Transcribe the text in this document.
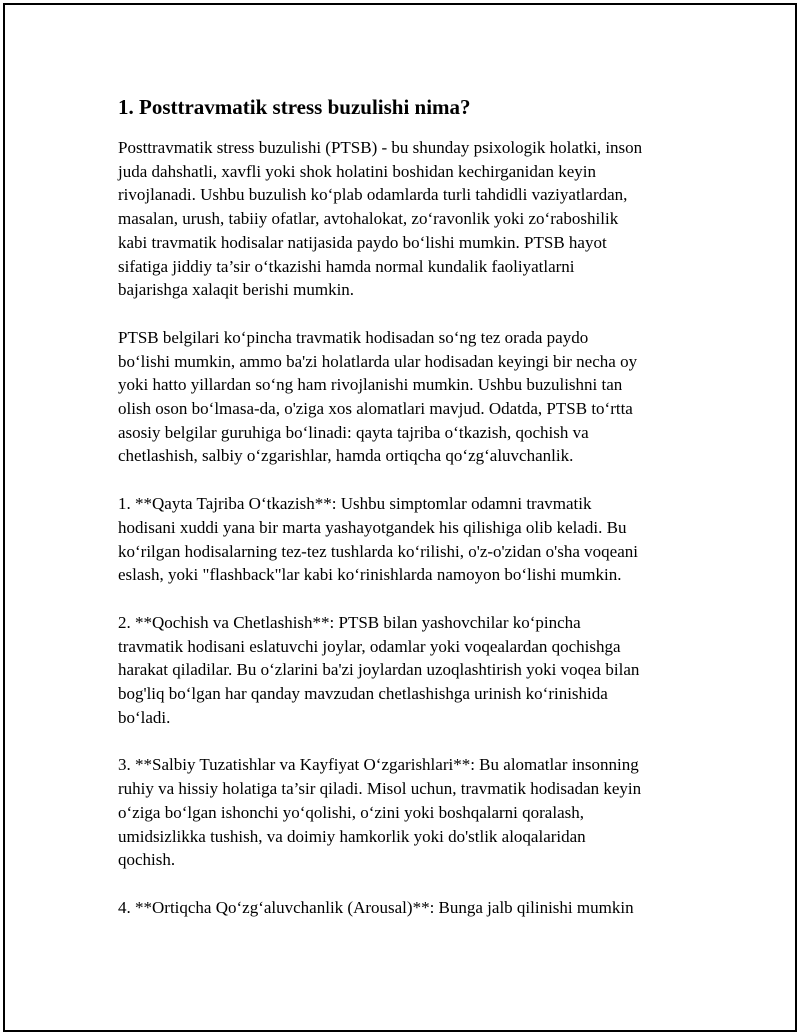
1. Posttravmatik stress buzulishi nima?

Posttravmatik stress buzulishi (PTSB) - bu shunday psixologik holatki, inson
juda dahshatli, xavfli yoki shok holatini boshidan kechirganidan keyin
rivojlanadi. Ushbu buzulish ko‘plab odamlarda turli tahdidli vaziyatlardan,
masalan, urush, tabiiy ofatlar, avtohalokat, zo‘ravonlik yoki zo‘raboshilik
kabi travmatik hodisalar natijasida paydo bo‘lishi mumkin. PTSB hayot
sifatiga jiddiy ta’sir o‘tkazishi hamda normal kundalik faoliyatlarni
bajarishga xalaqit berishi mumkin.

PTSB belgilari ko‘pincha travmatik hodisadan so‘ng tez orada paydo
bo‘lishi mumkin, ammo ba'zi holatlarda ular hodisadan keyingi bir necha oy
yoki hatto yillardan so‘ng ham rivojlanishi mumkin. Ushbu buzulishni tan
olish oson bo‘lmasa-da, o'ziga xos alomatlari mavjud. Odatda, PTSB to‘rtta
asosiy belgilar guruhiga bo‘linadi: qayta tajriba o‘tkazish, qochish va
chetlashish, salbiy o‘zgarishlar, hamda ortiqcha qo‘zg‘aluvchanlik.

1. **Qayta Tajriba O‘tkazish**: Ushbu simptomlar odamni travmatik
hodisani xuddi yana bir marta yashayotgandek his qilishiga olib keladi. Bu
ko‘rilgan hodisalarning tez-tez tushlarda ko‘rilishi, o'z-o'zidan o'sha voqeani
eslash, yoki "flashback"lar kabi ko‘rinishlarda namoyon bo‘lishi mumkin.

2. **Qochish va Chetlashish**: PTSB bilan yashovchilar ko‘pincha
travmatik hodisani eslatuvchi joylar, odamlar yoki voqealardan qochishga
harakat qiladilar. Bu o‘zlarini ba'zi joylardan uzoqlashtirish yoki voqea bilan
bog'liq bo‘lgan har qanday mavzudan chetlashishga urinish ko‘rinishida
bo‘ladi.

3. **Salbiy Tuzatishlar va Kayfiyat O‘zgarishlari**: Bu alomatlar insonning
ruhiy va hissiy holatiga ta’sir qiladi. Misol uchun, travmatik hodisadan keyin
o‘ziga bo‘lgan ishonchi yo‘qolishi, o‘zini yoki boshqalarni qoralash,
umidsizlikka tushish, va doimiy hamkorlik yoki do'stlik aloqalaridan
qochish.

4. **Ortiqcha Qo‘zg‘aluvchanlik (Arousal)**: Bunga jalb qilinishi mumkin
